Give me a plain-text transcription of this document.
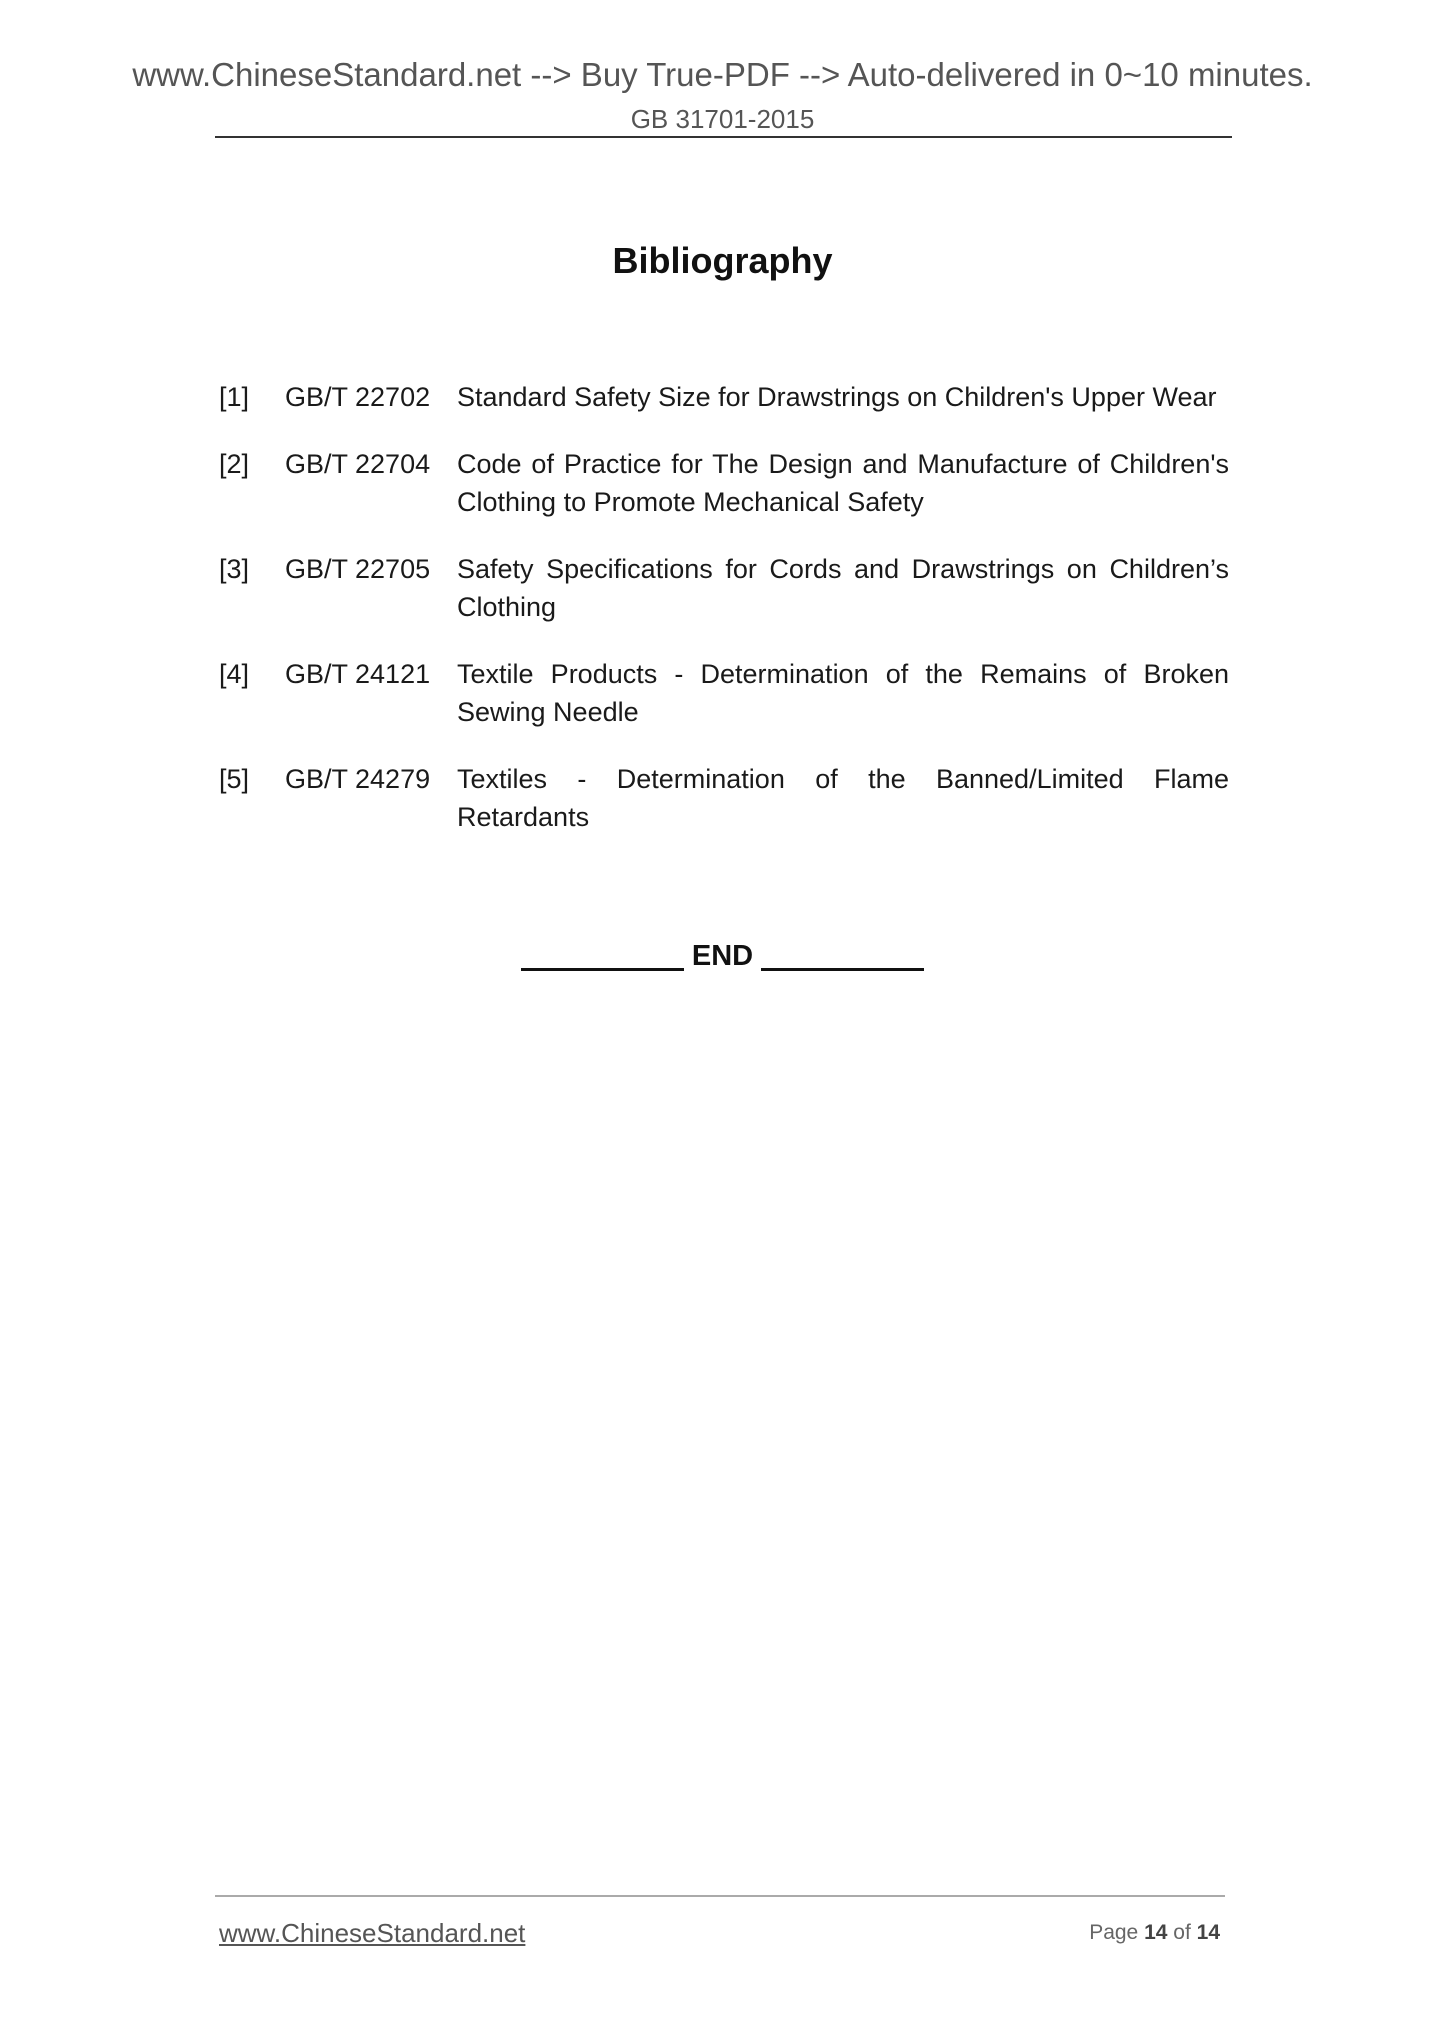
www.ChineseStandard.net --> Buy True-PDF --> Auto-delivered in 0~10 minutes.
GB 31701-2015
Bibliography
[1]	GB/T 22702 Standard Safety Size for Drawstrings on Children's Upper Wear
[2]	GB/T 22704 Code of Practice for The Design and Manufacture of Children's Clothing to Promote Mechanical Safety
[3]	GB/T 22705 Safety Specifications for Cords and Drawstrings on Children’s Clothing
[4]	GB/T 24121 Textile Products - Determination of the Remains of Broken Sewing Needle
[5]	GB/T 24279 Textiles - Determination of the Banned/Limited Flame Retardants
END
www.ChineseStandard.net	Page 14 of 14
